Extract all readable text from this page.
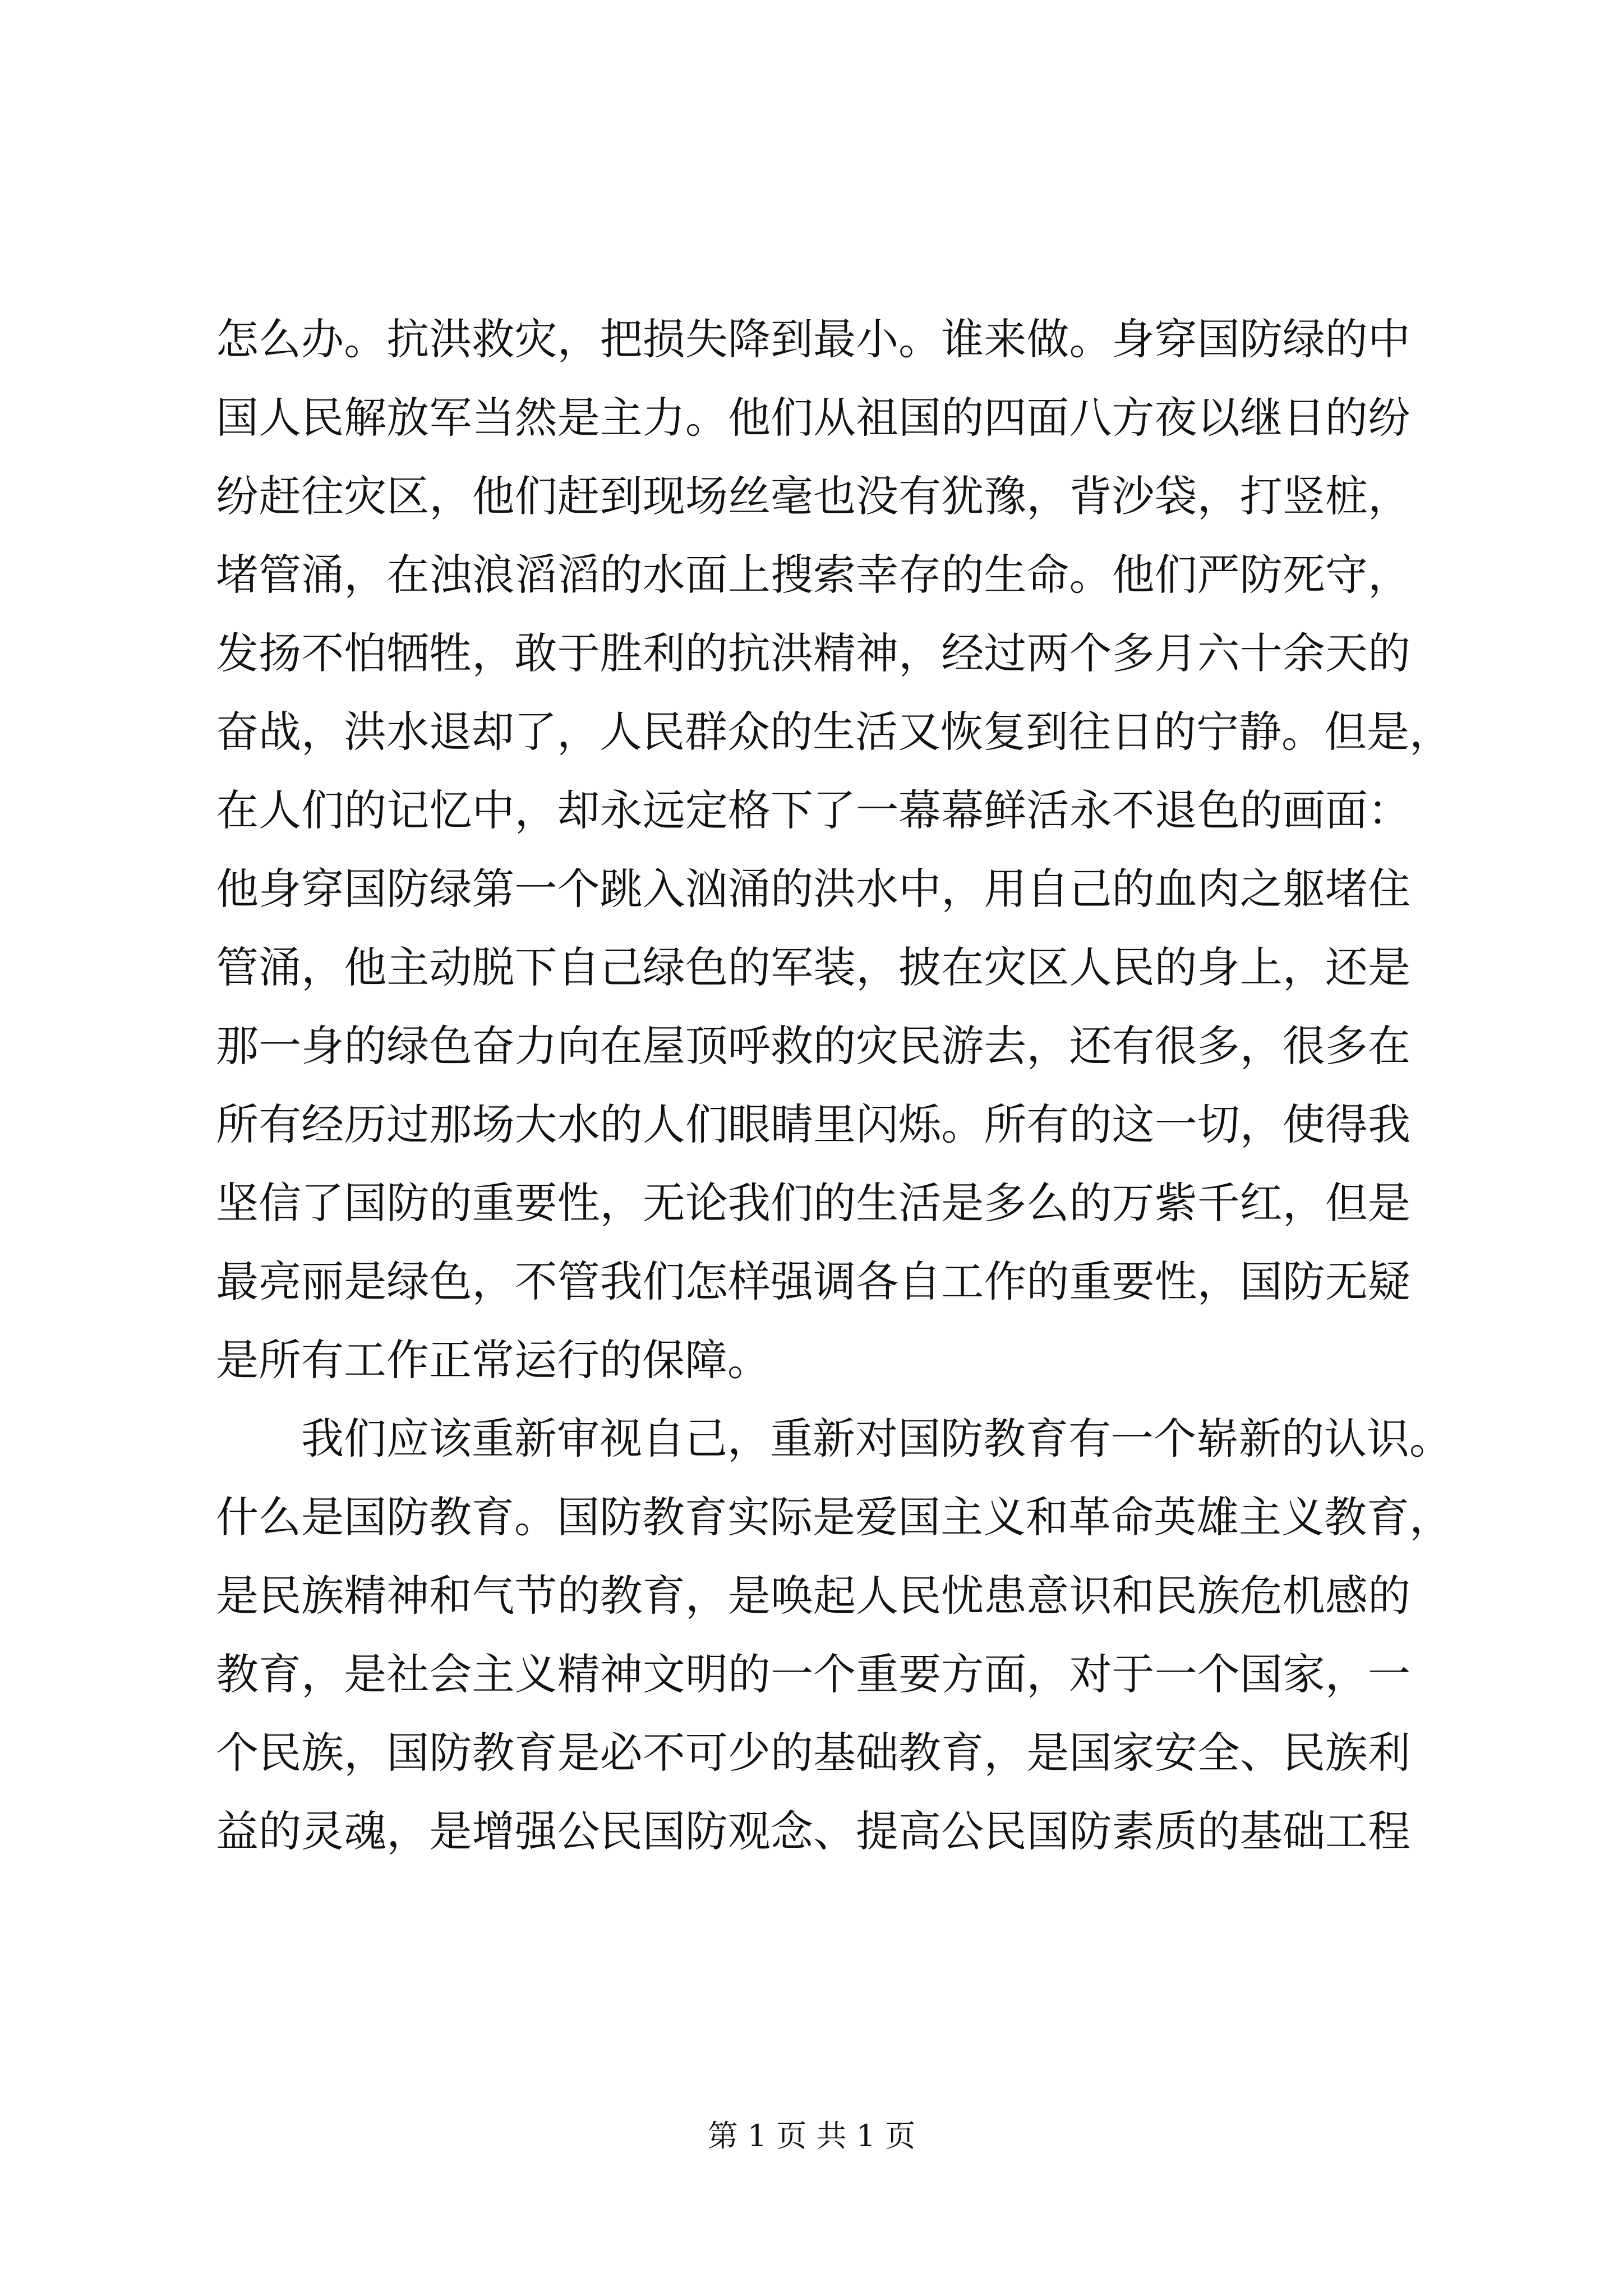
怎么办。抗洪救灾，把损失降到最小。谁来做。身穿国防绿的中
国人民解放军当然是主力。他们从祖国的四面八方夜以继日的纷
纷赶往灾区，他们赶到现场丝毫也没有犹豫，背沙袋，打竖桩，
堵管涌，在浊浪滔滔的水面上搜索幸存的生命。他们严防死守，
发扬不怕牺牲，敢于胜利的抗洪精神，经过两个多月六十余天的
奋战，洪水退却了，人民群众的生活又恢复到往日的宁静。但是，
在人们的记忆中，却永远定格下了一幕幕鲜活永不退色的画面：
他身穿国防绿第一个跳入汹涌的洪水中，用自己的血肉之躯堵住
管涌，他主动脱下自己绿色的军装，披在灾区人民的身上，还是
那一身的绿色奋力向在屋顶呼救的灾民游去，还有很多，很多在
所有经历过那场大水的人们眼睛里闪烁。所有的这一切，使得我
坚信了国防的重要性，无论我们的生活是多么的万紫千红，但是
最亮丽是绿色，不管我们怎样强调各自工作的重要性，国防无疑
是所有工作正常运行的保障。
我们应该重新审视自己，重新对国防教育有一个崭新的认识。
什么是国防教育。国防教育实际是爱国主义和革命英雄主义教育，
是民族精神和气节的教育，是唤起人民忧患意识和民族危机感的
教育，是社会主义精神文明的一个重要方面，对于一个国家，一
个民族，国防教育是必不可少的基础教育，是国家安全、民族利
益的灵魂，是增强公民国防观念、提高公民国防素质的基础工程
第 1 页 共 1 页
